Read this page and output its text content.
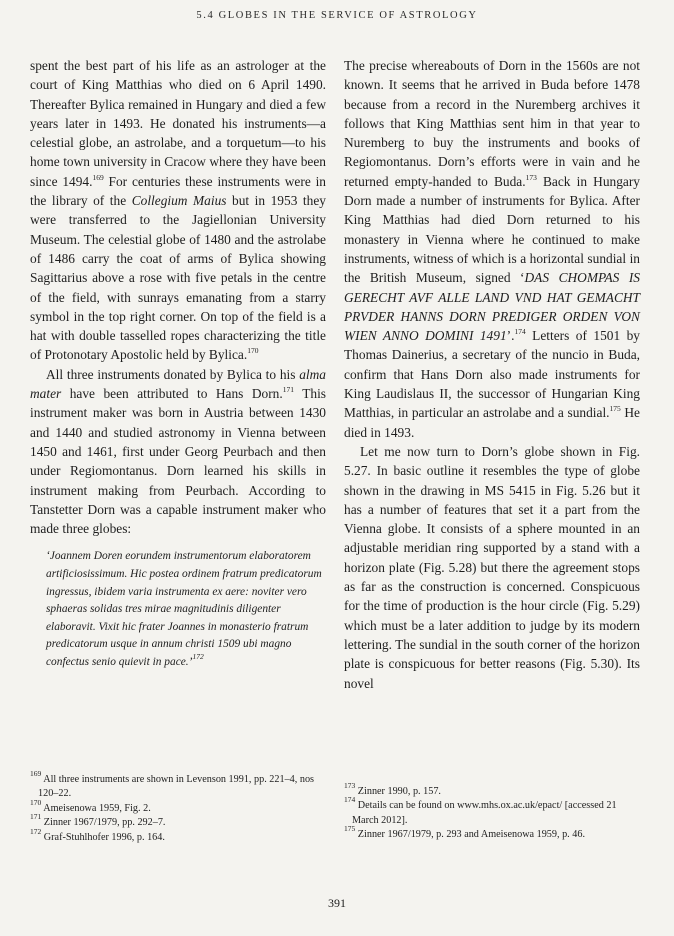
5.4 GLOBES IN THE SERVICE OF ASTROLOGY

spent the best part of his life as an astrologer at the court of King Matthias who died on 6 April 1490. Thereafter Bylica remained in Hungary and died a few years later in 1493. He donated his instruments—a celestial globe, an astrolabe, and a torquetum—to his home town university in Cracow where they have been since 1494.$^{169}$ For centuries these instruments were in the library of the Collegium Maius but in 1953 they were transferred to the Jagiellonian University Museum. The celestial globe of 1480 and the astrolabe of 1486 carry the coat of arms of Bylica showing Sagittarius above a rose with five petals in the centre of the field, with sunrays emanating from a starry symbol in the top right corner. On top of the field is a hat with double tasselled ropes characterizing the title of Protonotary Apostolic held by Bylica.$^{170}$

All three instruments donated by Bylica to his alma mater have been attributed to Hans Dorn.$^{171}$ This instrument maker was born in Austria between 1430 and 1440 and studied astronomy in Vienna between 1450 and 1461, first under Georg Peurbach and then under Regiomontanus. Dorn learned his skills in instrument making from Peurbach. According to Tanstetter Dorn was a capable instrument maker who made three globes:

‘Joannem Doren eorundem instrumentorum elaboratorem artificiosissimum. Hic postea ordinem fratrum predicatorum ingressus, ibidem varia instrumenta ex aere: noviter vero sphaeras solidas tres mirae magnitudinis diligenter elaboravit. Vixit hic frater Joannes in monasterio fratrum predicatorum usque in annum christi 1509 ubi magno confectus senio quievit in pace.’$^{172}$

The precise whereabouts of Dorn in the 1560s are not known. It seems that he arrived in Buda before 1478 because from a record in the Nuremberg archives it follows that King Matthias sent him in that year to Nuremberg to buy the instruments and books of Regiomontanus. Dorn’s efforts were in vain and he returned empty-handed to Buda.$^{173}$ Back in Hungary Dorn made a number of instruments for Bylica. After King Matthias had died Dorn returned to his monastery in Vienna where he continued to make instruments, witness of which is a horizontal sundial in the British Museum, signed ‘DAS CHOMPAS IS GERECHT AVF ALLE LAND VND HAT GEMACHT PRVDER HANNS DORN PREDIGER ORDEN VON WIEN ANNO DOMINI 1491’.$^{174}$ Letters of 1501 by Thomas Dainerius, a secretary of the nuncio in Buda, confirm that Hans Dorn also made instruments for King Laudislaus II, the successor of Hungarian King Matthias, in particular an astrolabe and a sundial.$^{175}$ He died in 1493.

Let me now turn to Dorn’s globe shown in Fig. 5.27. In basic outline it resembles the type of globe shown in the drawing in MS 5415 in Fig. 5.26 but it has a number of features that set it a part from the Vienna globe. It consists of a sphere mounted in an adjustable meridian ring supported by a stand with a horizon plate (Fig. 5.28) but there the agreement stops as far as the construction is concerned. Conspicuous for the time of production is the hour circle (Fig. 5.29) which must be a later addition to judge by its modern lettering. The sundial in the south corner of the horizon plate is conspicuous for better reasons (Fig. 5.30). Its novel

$^{169}$ All three instruments are shown in Levenson 1991, pp. 221–4, nos 120–22.

$^{170}$ Ameisenowa 1959, Fig. 2.

$^{171}$ Zinner 1967/1979, pp. 292–7.

$^{172}$ Graf-Stuhlhofer 1996, p. 164.

$^{173}$ Zinner 1990, p. 157.

$^{174}$ Details can be found on www.mhs.ox.ac.uk/epact/ [accessed 21 March 2012].

$^{175}$ Zinner 1967/1979, p. 293 and Ameisenowa 1959, p. 46.

391
